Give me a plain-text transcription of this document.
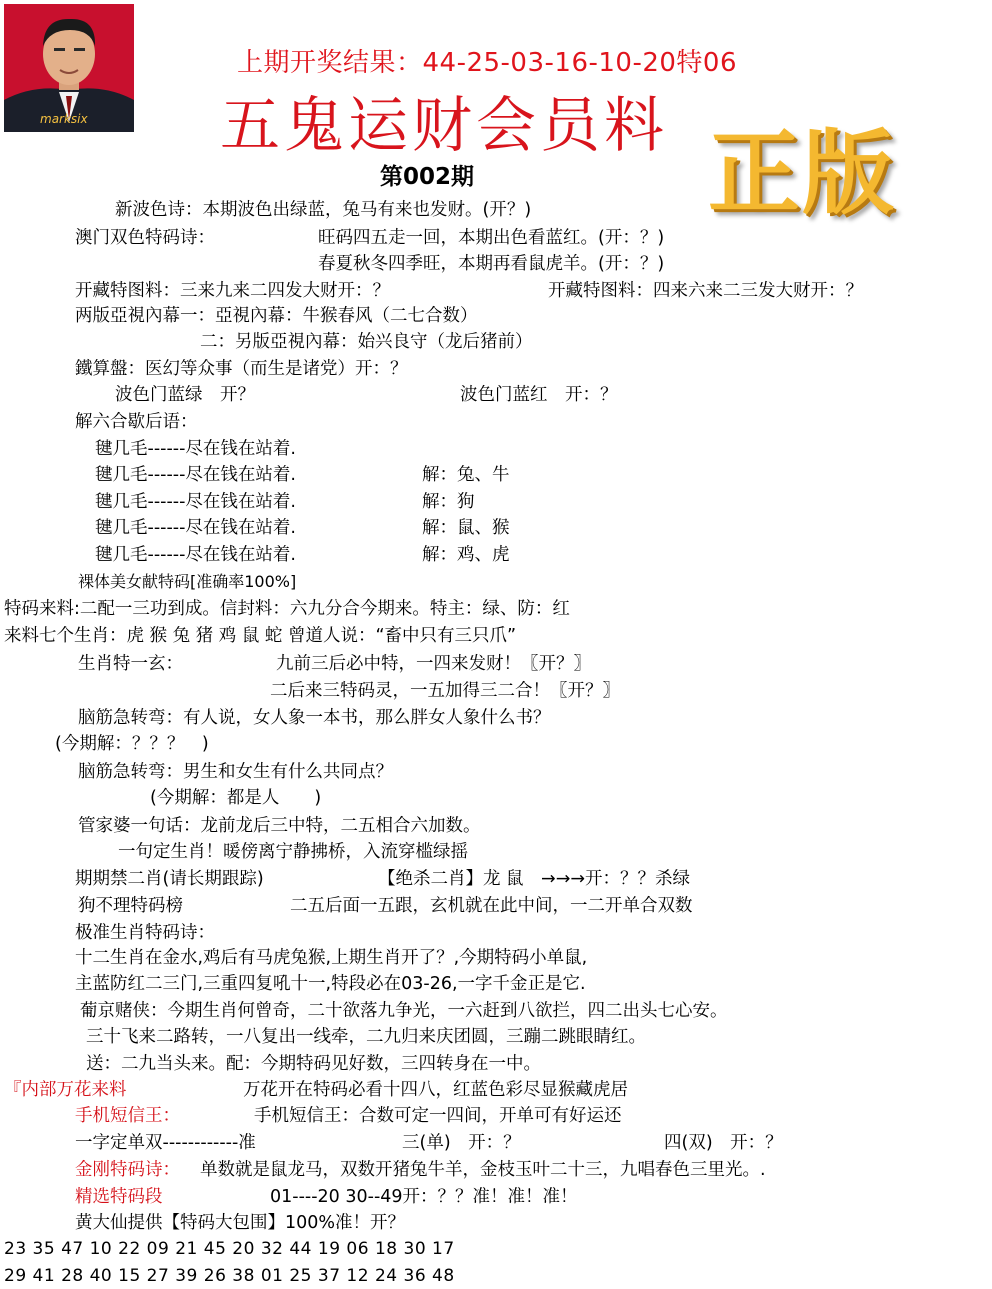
marksix
上期开奖结果：44-25-03-16-10-20特06
五鬼运财会员料
第002期	正版
新波色诗：本期波色出绿蓝，兔马有来也发财。(开？)
澳门双色特码诗：	旺码四五走一回，本期出色看蓝红。(开：？)
春夏秋冬四季旺，本期再看鼠虎羊。(开：？)
开藏特图料：三来九来二四发大财开：？	开藏特图料：四来六来二三发大财开：？
两版亞視內幕一：亞視內幕：牛猴春风（二七合数）
二：另版亞視內幕：始兴良守（龙后猪前）
鐵算盤：医幻等众事（而生是诸党）开：？
波色门蓝绿　开？	波色门蓝红　开：？
解六合歇后语：
毽几毛------尽在钱在站着.
毽几毛------尽在钱在站着.	解：兔、牛
毽几毛------尽在钱在站着.	解：狗
毽几毛------尽在钱在站着.	解：鼠、猴
毽几毛------尽在钱在站着.	解：鸡、虎
裸体美女献特码[准确率100%]
特码来料:二配一三功到成。信封料：六九分合今期来。特主：绿、防：红
来料七个生肖：虎 猴 兔 猪 鸡 鼠 蛇 曾道人说：“畜中只有三只爪”
生肖特一玄：	九前三后必中特，一四来发财！〖开？〗
二后来三特码灵，一五加得三二合！〖开？〗
脑筋急转弯：有人说，女人象一本书，那么胖女人象什么书？
(今期解：？？？　)
脑筋急转弯：男生和女生有什么共同点？
(今期解：都是人　　)
管家婆一句话：龙前龙后三中特，二五相合六加数。
一句定生肖！暖傍离宁静拂桥，入流穿槛绿摇
期期禁二肖(请长期跟踪)	【绝杀二肖】龙 鼠　→→→开：？？杀绿
狗不理特码榜	二五后面一五跟，玄机就在此中间，一二开单合双数
极准生肖特码诗：
十二生肖在金水,鸡后有马虎兔猴,上期生肖开了？,今期特码小单鼠,
主蓝防红二三门,三重四复吼十一,特段必在03-26,一字千金正是它.
葡京赌侠：今期生肖何曾奇，二十欲落九争光，一六赶到八欲拦，四二出头七心安。
三十飞来二路转，一八复出一线牵，二九归来庆团圆，三蹦二跳眼睛红。
送：二九当头来。配：今期特码见好数，三四转身在一中。
『内部万花来料	万花开在特码必看十四八，红蓝色彩尽显猴藏虎居
手机短信王：	手机短信王：合数可定一四间，开单可有好运还
一字定单双------------准	三(单)　开：？	四(双)　开：？
金刚特码诗： 单数就是鼠龙马，双数开猪兔牛羊，金枝玉叶二十三，九唱春色三里光。.
精选特码段	01----20 30--49开：？？准！准！准！
黄大仙提供【特码大包围】100%准！开？
23 35 47 10 22 09 21 45 20 32 44 19 06 18 30 17
29 41 28 40 15 27 39 26 38 01 25 37 12 24 36 48
